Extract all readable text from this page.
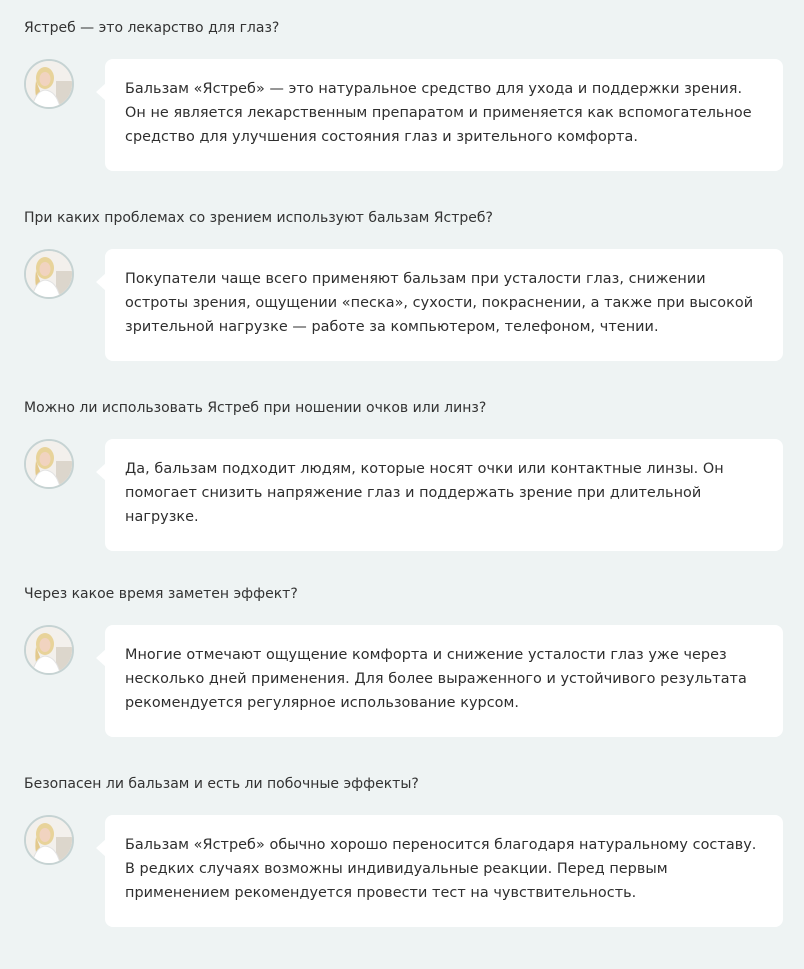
Ястреб — это лекарство для глаз?
Бальзам «Ястреб» — это натуральное средство для ухода и поддержки зрения. Он не является лекарственным препаратом и применяется как вспомогательное средство для улучшения состояния глаз и зрительного комфорта.
При каких проблемах со зрением используют бальзам Ястреб?
Покупатели чаще всего применяют бальзам при усталости глаз, снижении остроты зрения, ощущении «песка», сухости, покраснении, а также при высокой зрительной нагрузке — работе за компьютером, телефоном, чтении.
Можно ли использовать Ястреб при ношении очков или линз?
Да, бальзам подходит людям, которые носят очки или контактные линзы. Он помогает снизить напряжение глаз и поддержать зрение при длительной нагрузке.
Через какое время заметен эффект?
Многие отмечают ощущение комфорта и снижение усталости глаз уже через несколько дней применения. Для более выраженного и устойчивого результата рекомендуется регулярное использование курсом.
Безопасен ли бальзам и есть ли побочные эффекты?
Бальзам «Ястреб» обычно хорошо переносится благодаря натуральному составу. В редких случаях возможны индивидуальные реакции. Перед первым применением рекомендуется провести тест на чувствительность.
